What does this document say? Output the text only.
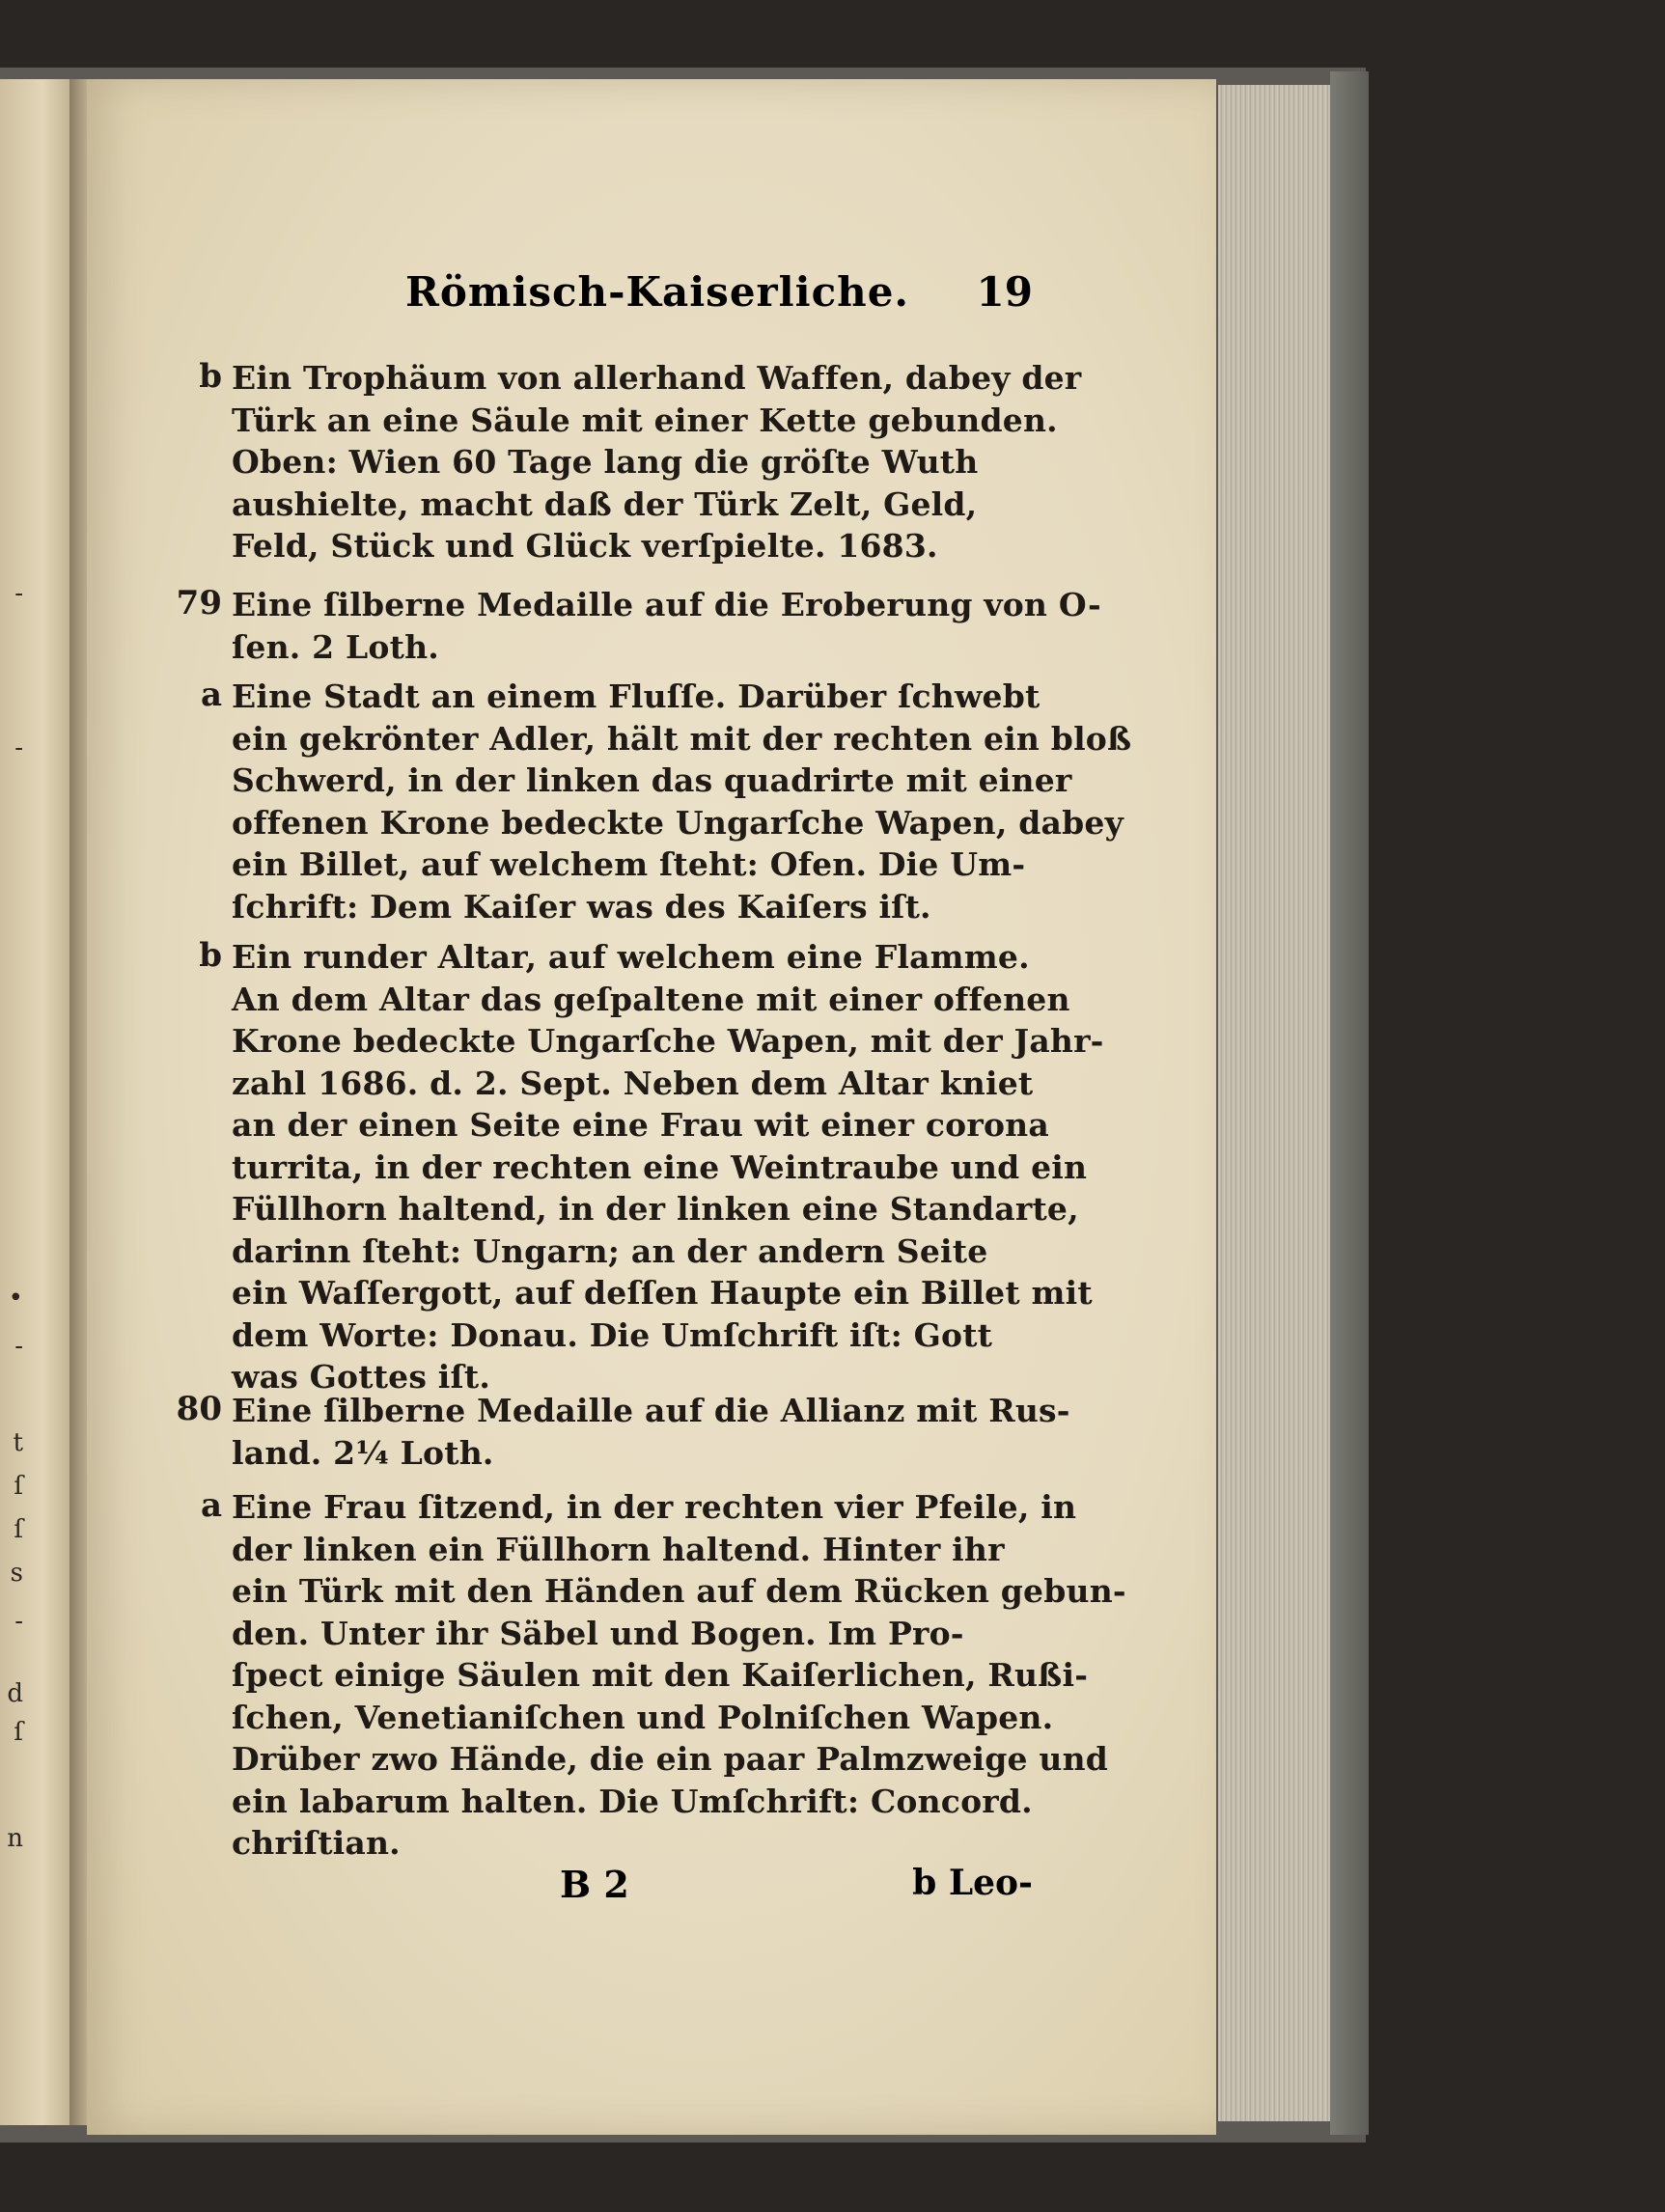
-
-
•
-
t
ſ
ſ
s
-
d
ſ
n
Römisch-Kaiserliche. 19
b Ein Trophäum von allerhand Waffen, dabey der
Türk an eine Säule mit einer Kette gebunden.
Oben: Wien 60 Tage lang die gröſte Wuth
aushielte, macht daß der Türk Zelt, Geld,
Feld, Stück und Glück verſpielte. 1683.
79 Eine ſilberne Medaille auf die Eroberung von O-
ſen. 2 Loth.
a Eine Stadt an einem Fluſſe. Darüber ſchwebt
ein gekrönter Adler, hält mit der rechten ein bloß
Schwerd, in der linken das quadrirte mit einer
offenen Krone bedeckte Ungarſche Wapen, dabey
ein Billet, auf welchem ſteht: Ofen. Die Um-
ſchrift: Dem Kaiſer was des Kaiſers iſt.
b Ein runder Altar, auf welchem eine Flamme.
An dem Altar das geſpaltene mit einer offenen
Krone bedeckte Ungarſche Wapen, mit der Jahr-
zahl 1686. d. 2. Sept. Neben dem Altar kniet
an der einen Seite eine Frau wit einer corona
turrita, in der rechten eine Weintraube und ein
Füllhorn haltend, in der linken eine Standarte,
darinn ſteht: Ungarn; an der andern Seite
ein Waſſergott, auf deſſen Haupte ein Billet mit
dem Worte: Donau. Die Umſchrift iſt: Gott
was Gottes iſt.
80 Eine ſilberne Medaille auf die Allianz mit Rus-
land. 2¼ Loth.
a Eine Frau ſitzend, in der rechten vier Pfeile, in
der linken ein Füllhorn haltend. Hinter ihr
ein Türk mit den Händen auf dem Rücken gebun-
den. Unter ihr Säbel und Bogen. Im Pro-
ſpect einige Säulen mit den Kaiſerlichen, Rußi-
ſchen, Venetianiſchen und Polniſchen Wapen.
Drüber zwo Hände, die ein paar Palmzweige und
ein labarum halten. Die Umſchrift: Concord.
chriſtian.
B 2	b Leo-
